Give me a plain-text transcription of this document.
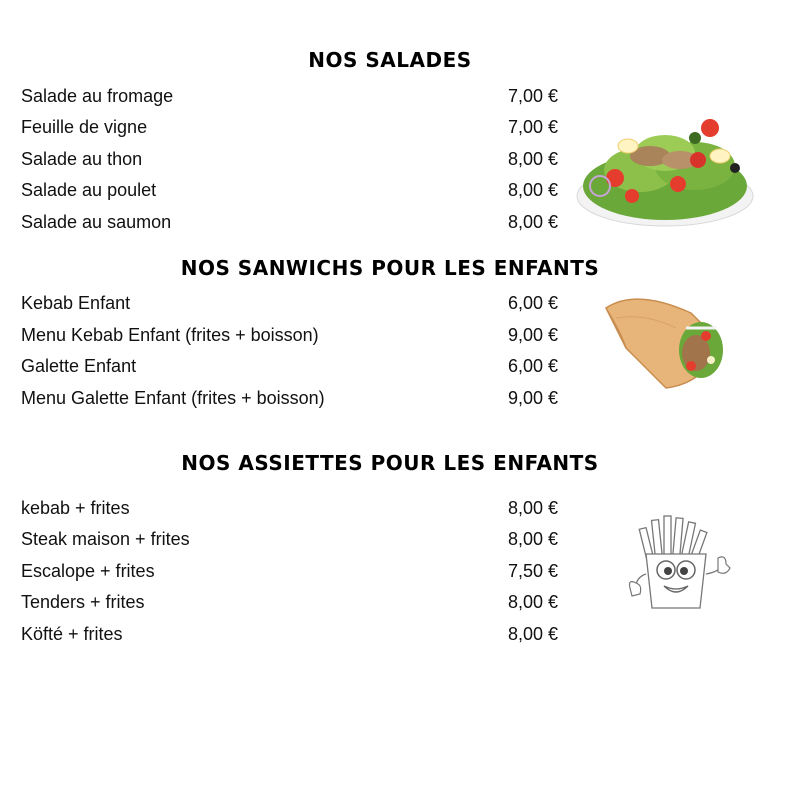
NOS SALADES
Salade au fromage	7,00 €
Feuille de vigne	7,00 €
Salade au thon	8,00 €
Salade au poulet	8,00 €
Salade au saumon	8,00 €
NOS SANWICHS POUR LES ENFANTS
Kebab Enfant	6,00 €
Menu Kebab Enfant (frites + boisson)	9,00 €
Galette Enfant	6,00 €
Menu Galette Enfant (frites + boisson)	9,00 €
NOS ASSIETTES POUR LES ENFANTS
kebab + frites	8,00 €
Steak maison + frites	8,00 €
Escalope + frites	7,50 €
Tenders + frites	8,00 €
Köfté + frites	8,00 €
